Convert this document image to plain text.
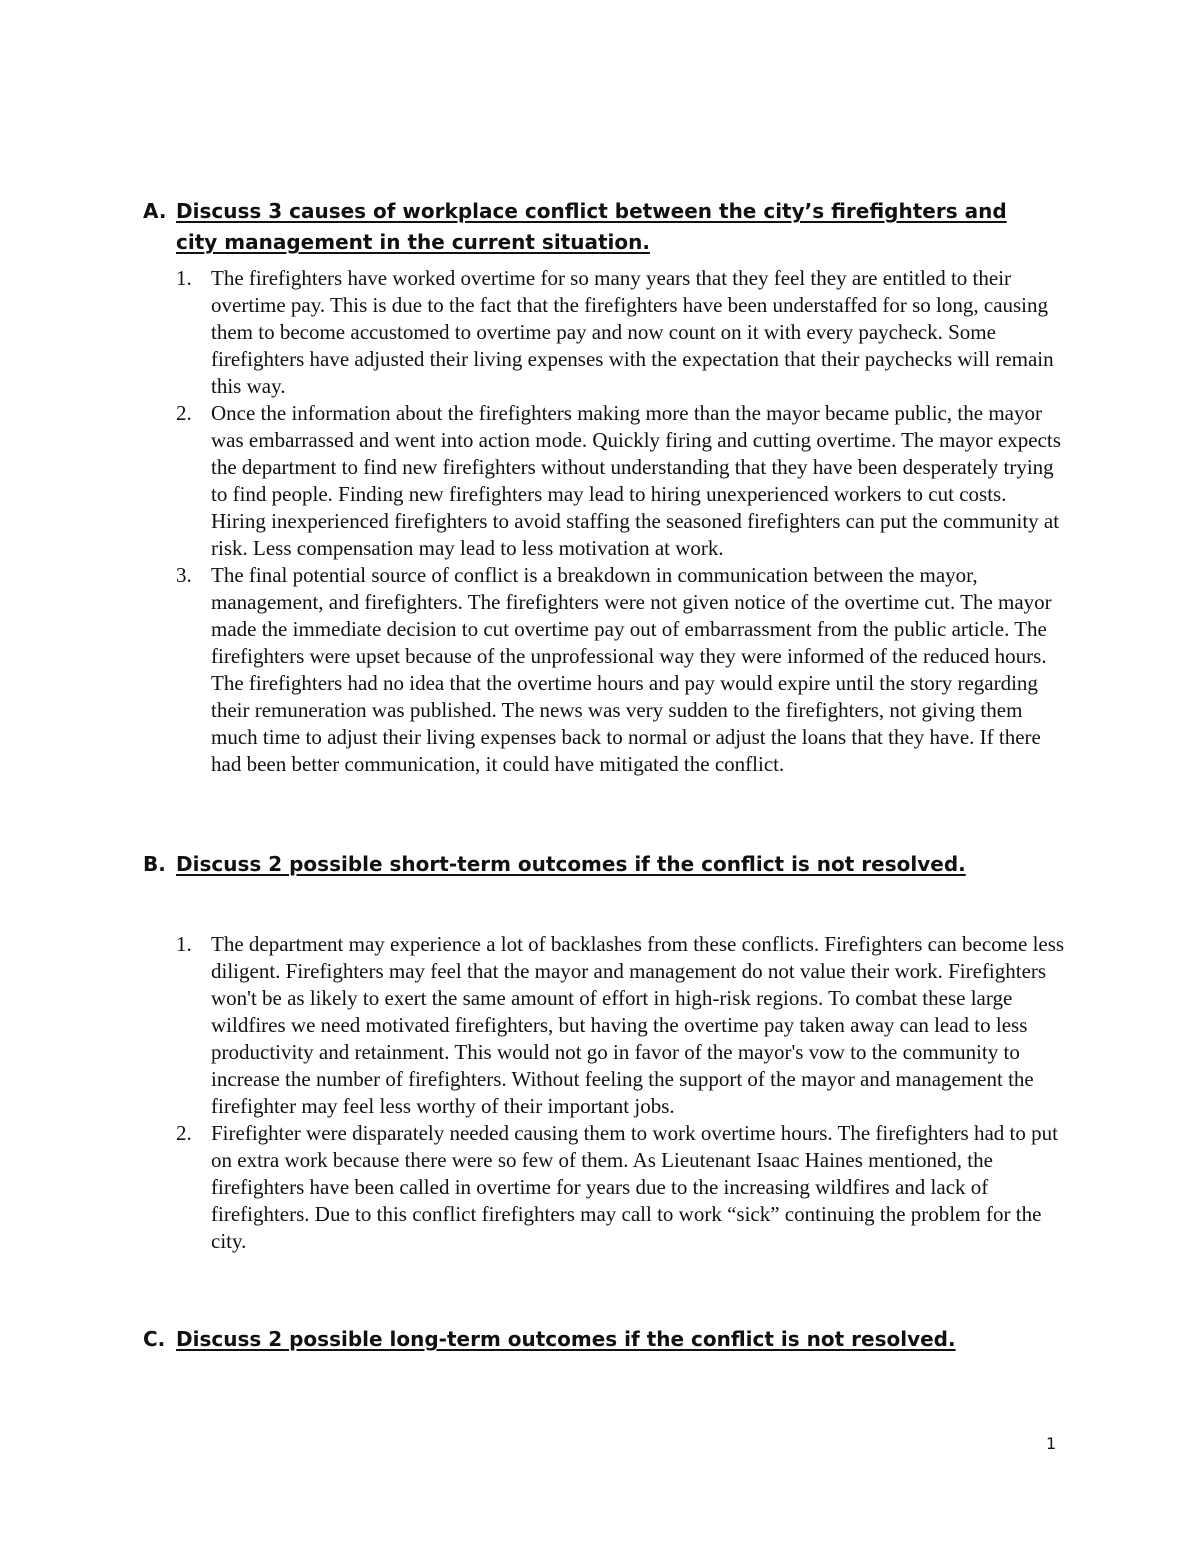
A. Discuss 3 causes of workplace conflict between the city’s firefighters and city management in the current situation.
1. The firefighters have worked overtime for so many years that they feel they are entitled to their overtime pay. This is due to the fact that the firefighters have been understaffed for so long, causing them to become accustomed to overtime pay and now count on it with every paycheck. Some firefighters have adjusted their living expenses with the expectation that their paychecks will remain this way.
2. Once the information about the firefighters making more than the mayor became public, the mayor was embarrassed and went into action mode. Quickly firing and cutting overtime. The mayor expects the department to find new firefighters without understanding that they have been desperately trying to find people. Finding new firefighters may lead to hiring unexperienced workers to cut costs. Hiring inexperienced firefighters to avoid staffing the seasoned firefighters can put the community at risk. Less compensation may lead to less motivation at work.
3. The final potential source of conflict is a breakdown in communication between the mayor, management, and firefighters. The firefighters were not given notice of the overtime cut. The mayor made the immediate decision to cut overtime pay out of embarrassment from the public article. The firefighters were upset because of the unprofessional way they were informed of the reduced hours. The firefighters had no idea that the overtime hours and pay would expire until the story regarding their remuneration was published. The news was very sudden to the firefighters, not giving them much time to adjust their living expenses back to normal or adjust the loans that they have. If there had been better communication, it could have mitigated the conflict.
B. Discuss 2 possible short-term outcomes if the conflict is not resolved.
1. The department may experience a lot of backlashes from these conflicts. Firefighters can become less diligent. Firefighters may feel that the mayor and management do not value their work. Firefighters won't be as likely to exert the same amount of effort in high-risk regions. To combat these large wildfires we need motivated firefighters, but having the overtime pay taken away can lead to less productivity and retainment. This would not go in favor of the mayor's vow to the community to increase the number of firefighters. Without feeling the support of the mayor and management the firefighter may feel less worthy of their important jobs.
2. Firefighter were disparately needed causing them to work overtime hours. The firefighters had to put on extra work because there were so few of them. As Lieutenant Isaac Haines mentioned, the firefighters have been called in overtime for years due to the increasing wildfires and lack of firefighters. Due to this conflict firefighters may call to work “sick” continuing the problem for the city.
C. Discuss 2 possible long-term outcomes if the conflict is not resolved.
1
